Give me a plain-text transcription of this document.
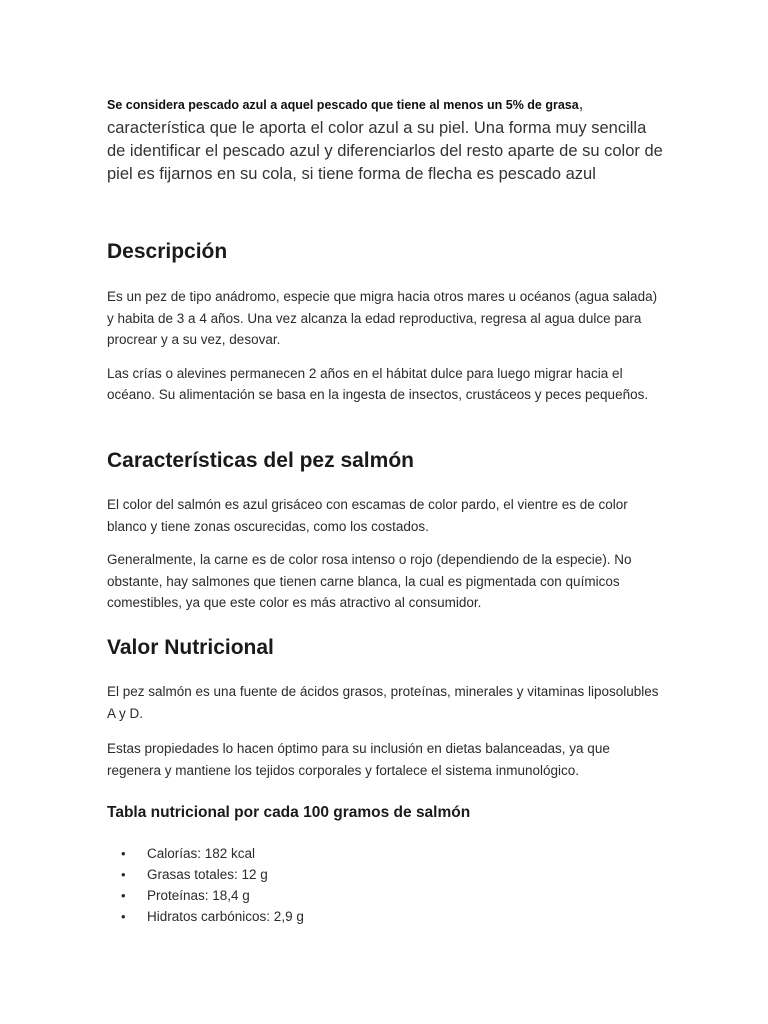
Se considera pescado azul a aquel pescado que tiene al menos un 5% de grasa, característica que le aporta el color azul a su piel. Una forma muy sencilla de identificar el pescado azul y diferenciarlos del resto aparte de su color de piel es fijarnos en su cola, si tiene forma de flecha es pescado azul
Descripción

Es un pez de tipo anádromo, especie que migra hacia otros mares u océanos (agua salada) y habita de 3 a 4 años. Una vez alcanza la edad reproductiva, regresa al agua dulce para procrear y a su vez, desovar.

Las crías o alevines permanecen 2 años en el hábitat dulce para luego migrar hacia el océano. Su alimentación se basa en la ingesta de insectos, crustáceos y peces pequeños.

Características del pez salmón

El color del salmón es azul grisáceo con escamas de color pardo, el vientre es de color blanco y tiene zonas oscurecidas, como los costados.

Generalmente, la carne es de color rosa intenso o rojo (dependiendo de la especie). No obstante, hay salmones que tienen carne blanca, la cual es pigmentada con químicos comestibles, ya que este color es más atractivo al consumidor.

Valor Nutricional

El pez salmón es una fuente de ácidos grasos, proteínas, minerales y vitaminas liposolubles A y D.

Estas propiedades lo hacen óptimo para su inclusión en dietas balanceadas, ya que regenera y mantiene los tejidos corporales y fortalece el sistema inmunológico.

Tabla nutricional por cada 100 gramos de salmón
• Calorías: 182 kcal
• Grasas totales: 12 g
• Proteínas: 18,4 g
• Hidratos carbónicos: 2,9 g
